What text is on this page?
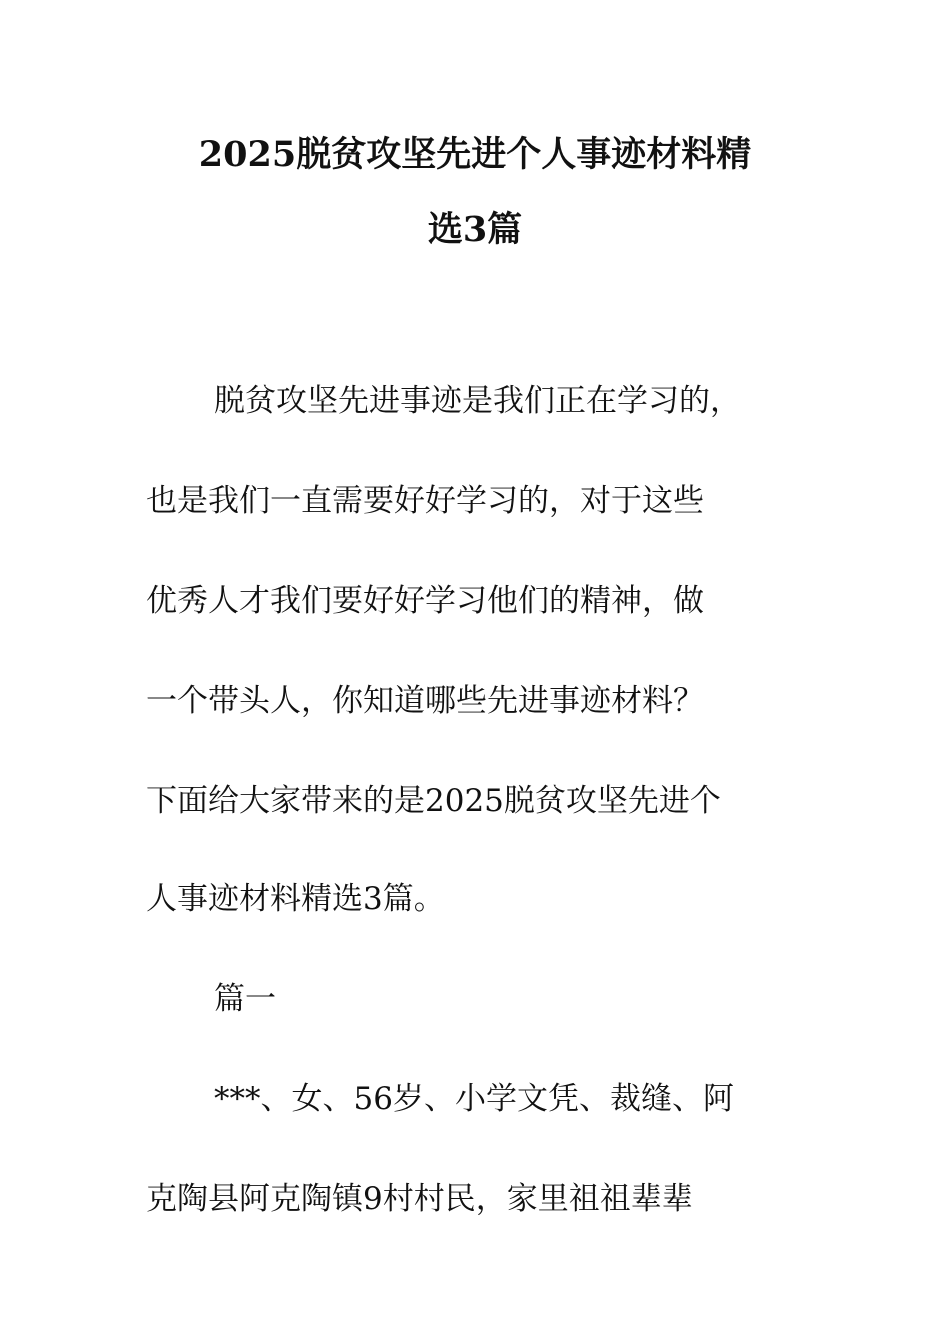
2025脱贫攻坚先进个人事迹材料精
选3篇
脱贫攻坚先进事迹是我们正在学习的，
也是我们一直需要好好学习的，对于这些
优秀人才我们要好好学习他们的精神，做
一个带头人，你知道哪些先进事迹材料？
下面给大家带来的是2025脱贫攻坚先进个
人事迹材料精选3篇。
篇一
***、女、56岁、小学文凭、裁缝、阿
克陶县阿克陶镇9村村民，家里祖祖辈辈
